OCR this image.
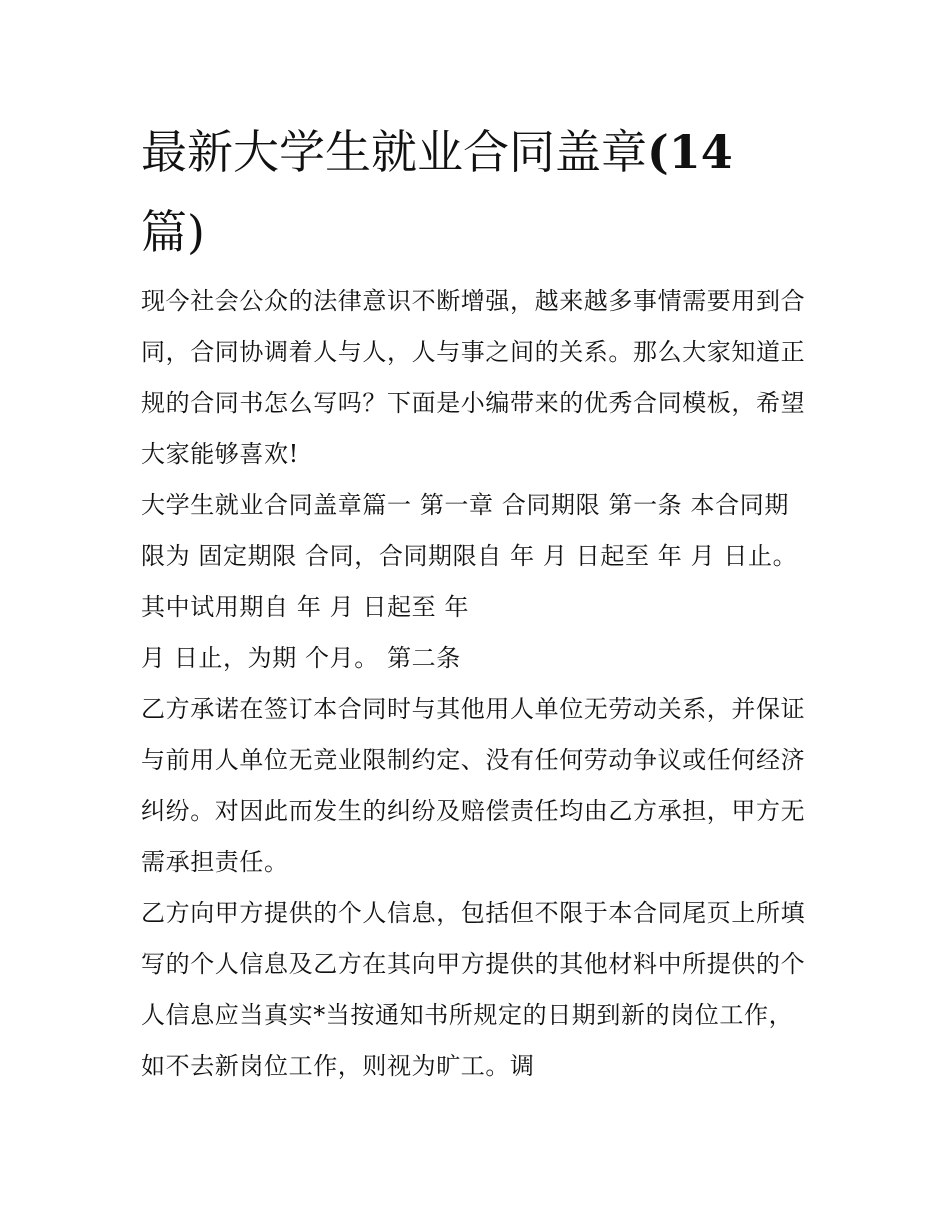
最新大学生就业合同盖章(14
篇)
现今社会公众的法律意识不断增强，越来越多事情需要用到合
同，合同协调着人与人，人与事之间的关系。那么大家知道正
规的合同书怎么写吗？下面是小编带来的优秀合同模板，希望
大家能够喜欢!
大学生就业合同盖章篇一 第一章 合同期限 第一条 本合同期
限为 固定期限 合同，合同期限自 年 月 日起至 年 月 日止。
其中试用期自 年 月 日起至 年
月 日止，为期 个月。 第二条
乙方承诺在签订本合同时与其他用人单位无劳动关系，并保证
与前用人单位无竞业限制约定、没有任何劳动争议或任何经济
纠纷。对因此而发生的纠纷及赔偿责任均由乙方承担，甲方无
需承担责任。
乙方向甲方提供的个人信息，包括但不限于本合同尾页上所填
写的个人信息及乙方在其向甲方提供的其他材料中所提供的个
人信息应当真实*当按通知书所规定的日期到新的岗位工作，
如不去新岗位工作，则视为旷工。调
